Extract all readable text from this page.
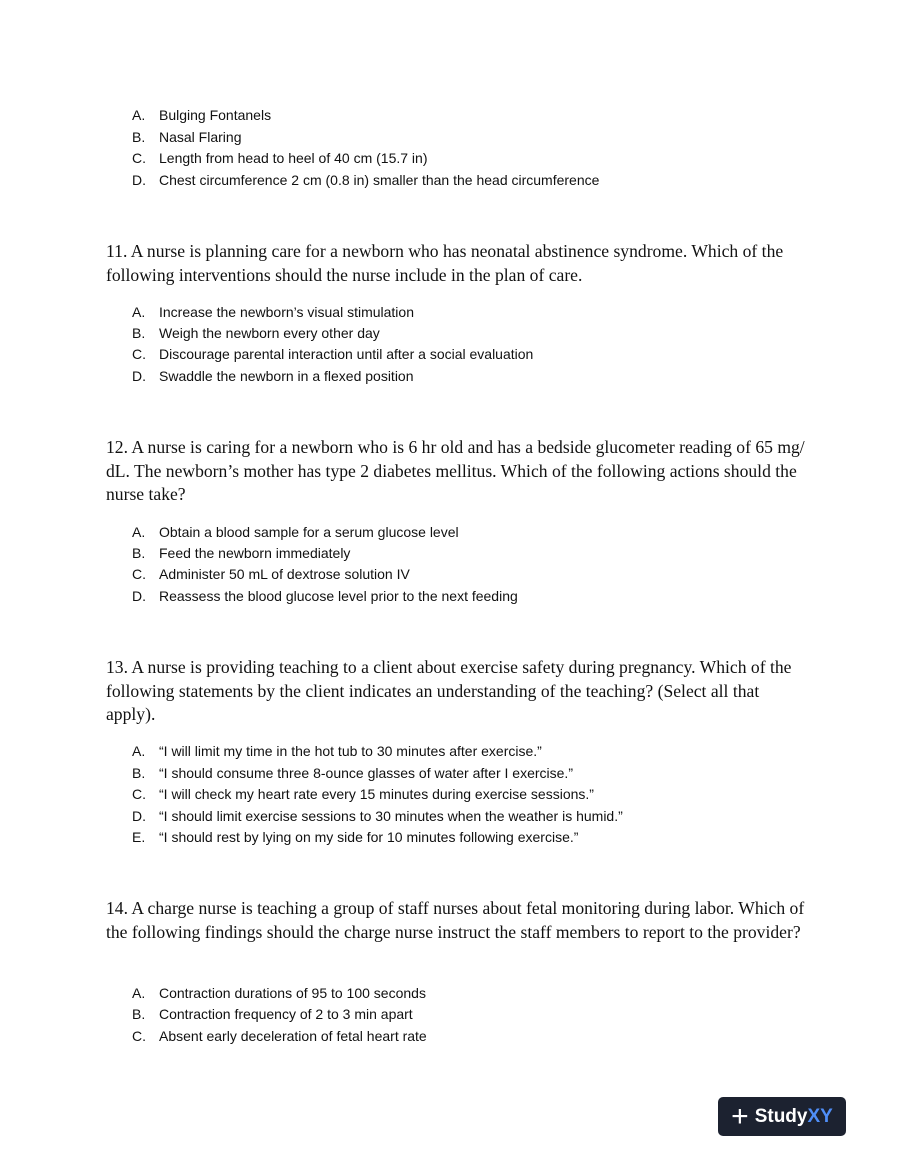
A. Bulging Fontanels
B. Nasal Flaring
C. Length from head to heel of 40 cm (15.7 in)
D. Chest circumference 2 cm (0.8 in) smaller than the head circumference
11. A nurse is planning care for a newborn who has neonatal abstinence syndrome. Which of the following interventions should the nurse include in the plan of care.
A. Increase the newborn’s visual stimulation
B. Weigh the newborn every other day
C. Discourage parental interaction until after a social evaluation
D. Swaddle the newborn in a flexed position
12. A nurse is caring for a newborn who is 6 hr old and has a bedside glucometer reading of 65 mg/ dL. The newborn’s mother has type 2 diabetes mellitus. Which of the following actions should the nurse take?
A. Obtain a blood sample for a serum glucose level
B. Feed the newborn immediately
C. Administer 50 mL of dextrose solution IV
D. Reassess the blood glucose level prior to the next feeding
13. A nurse is providing teaching to a client about exercise safety during pregnancy. Which of the following statements by the client indicates an understanding of the teaching? (Select all that apply).
A. “I will limit my time in the hot tub to 30 minutes after exercise.”
B. “I should consume three 8-ounce glasses of water after I exercise.”
C. “I will check my heart rate every 15 minutes during exercise sessions.”
D. “I should limit exercise sessions to 30 minutes when the weather is humid.”
E. “I should rest by lying on my side for 10 minutes following exercise.”
14. A charge nurse is teaching a group of staff nurses about fetal monitoring during labor. Which of the following findings should the charge nurse instruct the staff members to report to the provider?
A. Contraction durations of 95 to 100 seconds
B. Contraction frequency of 2 to 3 min apart
C. Absent early deceleration of fetal heart rate
+ Study XY
